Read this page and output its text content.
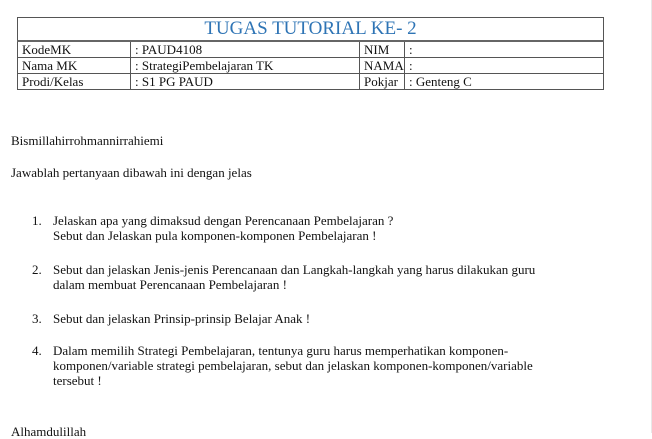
TUGAS TUTORIAL KE- 2			
KodeMK	: PAUD4108	NIM	:
Nama MK	: StrategiPembelajaran TK	NAMA	:
Prodi/Kelas	: S1 PG PAUD	Pokjar	: Genteng C
Bismillahirrohmannirrahiemi
Jawablah pertanyaan dibawah ini dengan jelas
1. Jelaskan apa yang dimaksud dengan Perencanaan Pembelajaran ?
Sebut dan Jelaskan pula komponen-komponen Pembelajaran !
2. Sebut dan jelaskan Jenis-jenis Perencanaan dan Langkah-langkah yang harus dilakukan guru
dalam membuat Perencanaan Pembelajaran !
3. Sebut dan jelaskan Prinsip-prinsip Belajar Anak !
4. Dalam memilih Strategi Pembelajaran, tentunya guru harus memperhatikan komponen-
komponen/variable strategi pembelajaran, sebut dan jelaskan komponen-komponen/variable
tersebut !
Alhamdulillah
